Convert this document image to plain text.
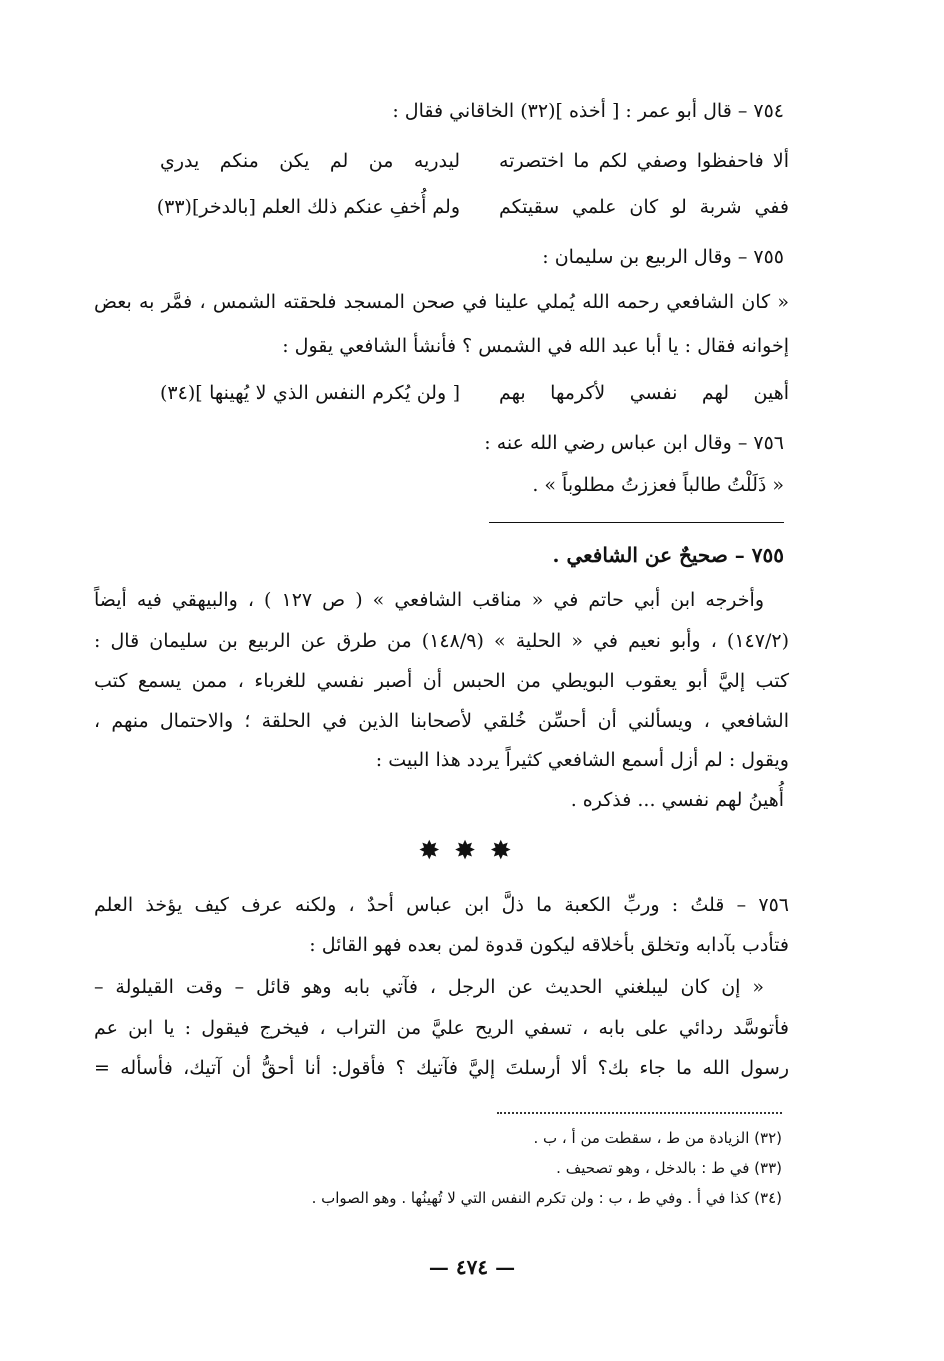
٧٥٤ – قال أبو عمر : [ أخذه ](٣٢) الخاقاني فقال :
ألا فاحفظوا وصفي لكم ما اختصرته
ليدريه من لم يكن منكم يدري
ففي شربة لو كان علمي سقيتكم
ولم أُخفِ عنكم ذلك العلم [بالدخر](٣٣)
٧٥٥ – وقال الربيع بن سليمان :
« كان الشافعي رحمه الله يُملي علينا في صحن المسجد فلحقته الشمس ، فمَّر به بعض
إخوانه فقال : يا أبا عبد الله في الشمس ؟ فأنشأ الشافعي يقول :
أهين لهم نفسي لأكرمها بهم
[ ولن يُكرم النفس الذي لا يُهينها ](٣٤)
٧٥٦ – وقال ابن عباس رضي الله عنه :
« ذَلَلْتُ طالباً فعززتُ مطلوباً » .
٧٥٥ – صحيحٌ عن الشافعي .
وأخرجه ابن أبي حاتم في « مناقب الشافعي » ( ص ١٢٧ ) ، والبيهقي فيه أيضاً
(١٤٧/٢) ، وأبو نعيم في « الحلية » (١٤٨/٩) من طرق عن الربيع بن سليمان قال :
كتب إليَّ أبو يعقوب البويطي من الحبس أن أصبر نفسي للغرباء ، ممن يسمع كتب
الشافعي ، ويسألني أن أحسِّن خُلقي لأصحابنا الذين في الحلقة ؛ والاحتمال منهم ،
ويقول : لم أزل أسمع الشافعي كثيراً يردد هذا البيت :
أُهينُ لهم نفسي ... فذكره .
✸✸✸
٧٥٦ – قلتُ : وربِّ الكعبة ما ذلَّ ابن عباس أحدٌ ، ولكنه عرف كيف يؤخذ العلم
فتأدب بآدابه وتخلق بأخلاقه ليكون قدوة لمن بعده فهو القائل :
« إن كان ليبلغني الحديث عن الرجل ، فآتي بابه وهو قائل – وقت القيلولة –
فأتوسَّد ردائي على بابه ، تسفي الريح عليَّ من التراب ، فيخرج فيقول : يا ابن عم
رسول الله ما جاء بك؟ ألا أرسلتَ إليَّ فآتيك ؟ فأقول: أنا أحقُّ أن آتيك، فأسأله =
(٣٢) الزيادة من ط ، سقطت من أ ، ب .
(٣٣) في ط : بالدخل ، وهو تصحيف .
(٣٤) كذا في أ . وفي ط ، ب : ولن تكرم النفس التي لا تُهينُها . وهو الصواب .
— ٤٧٤ —
